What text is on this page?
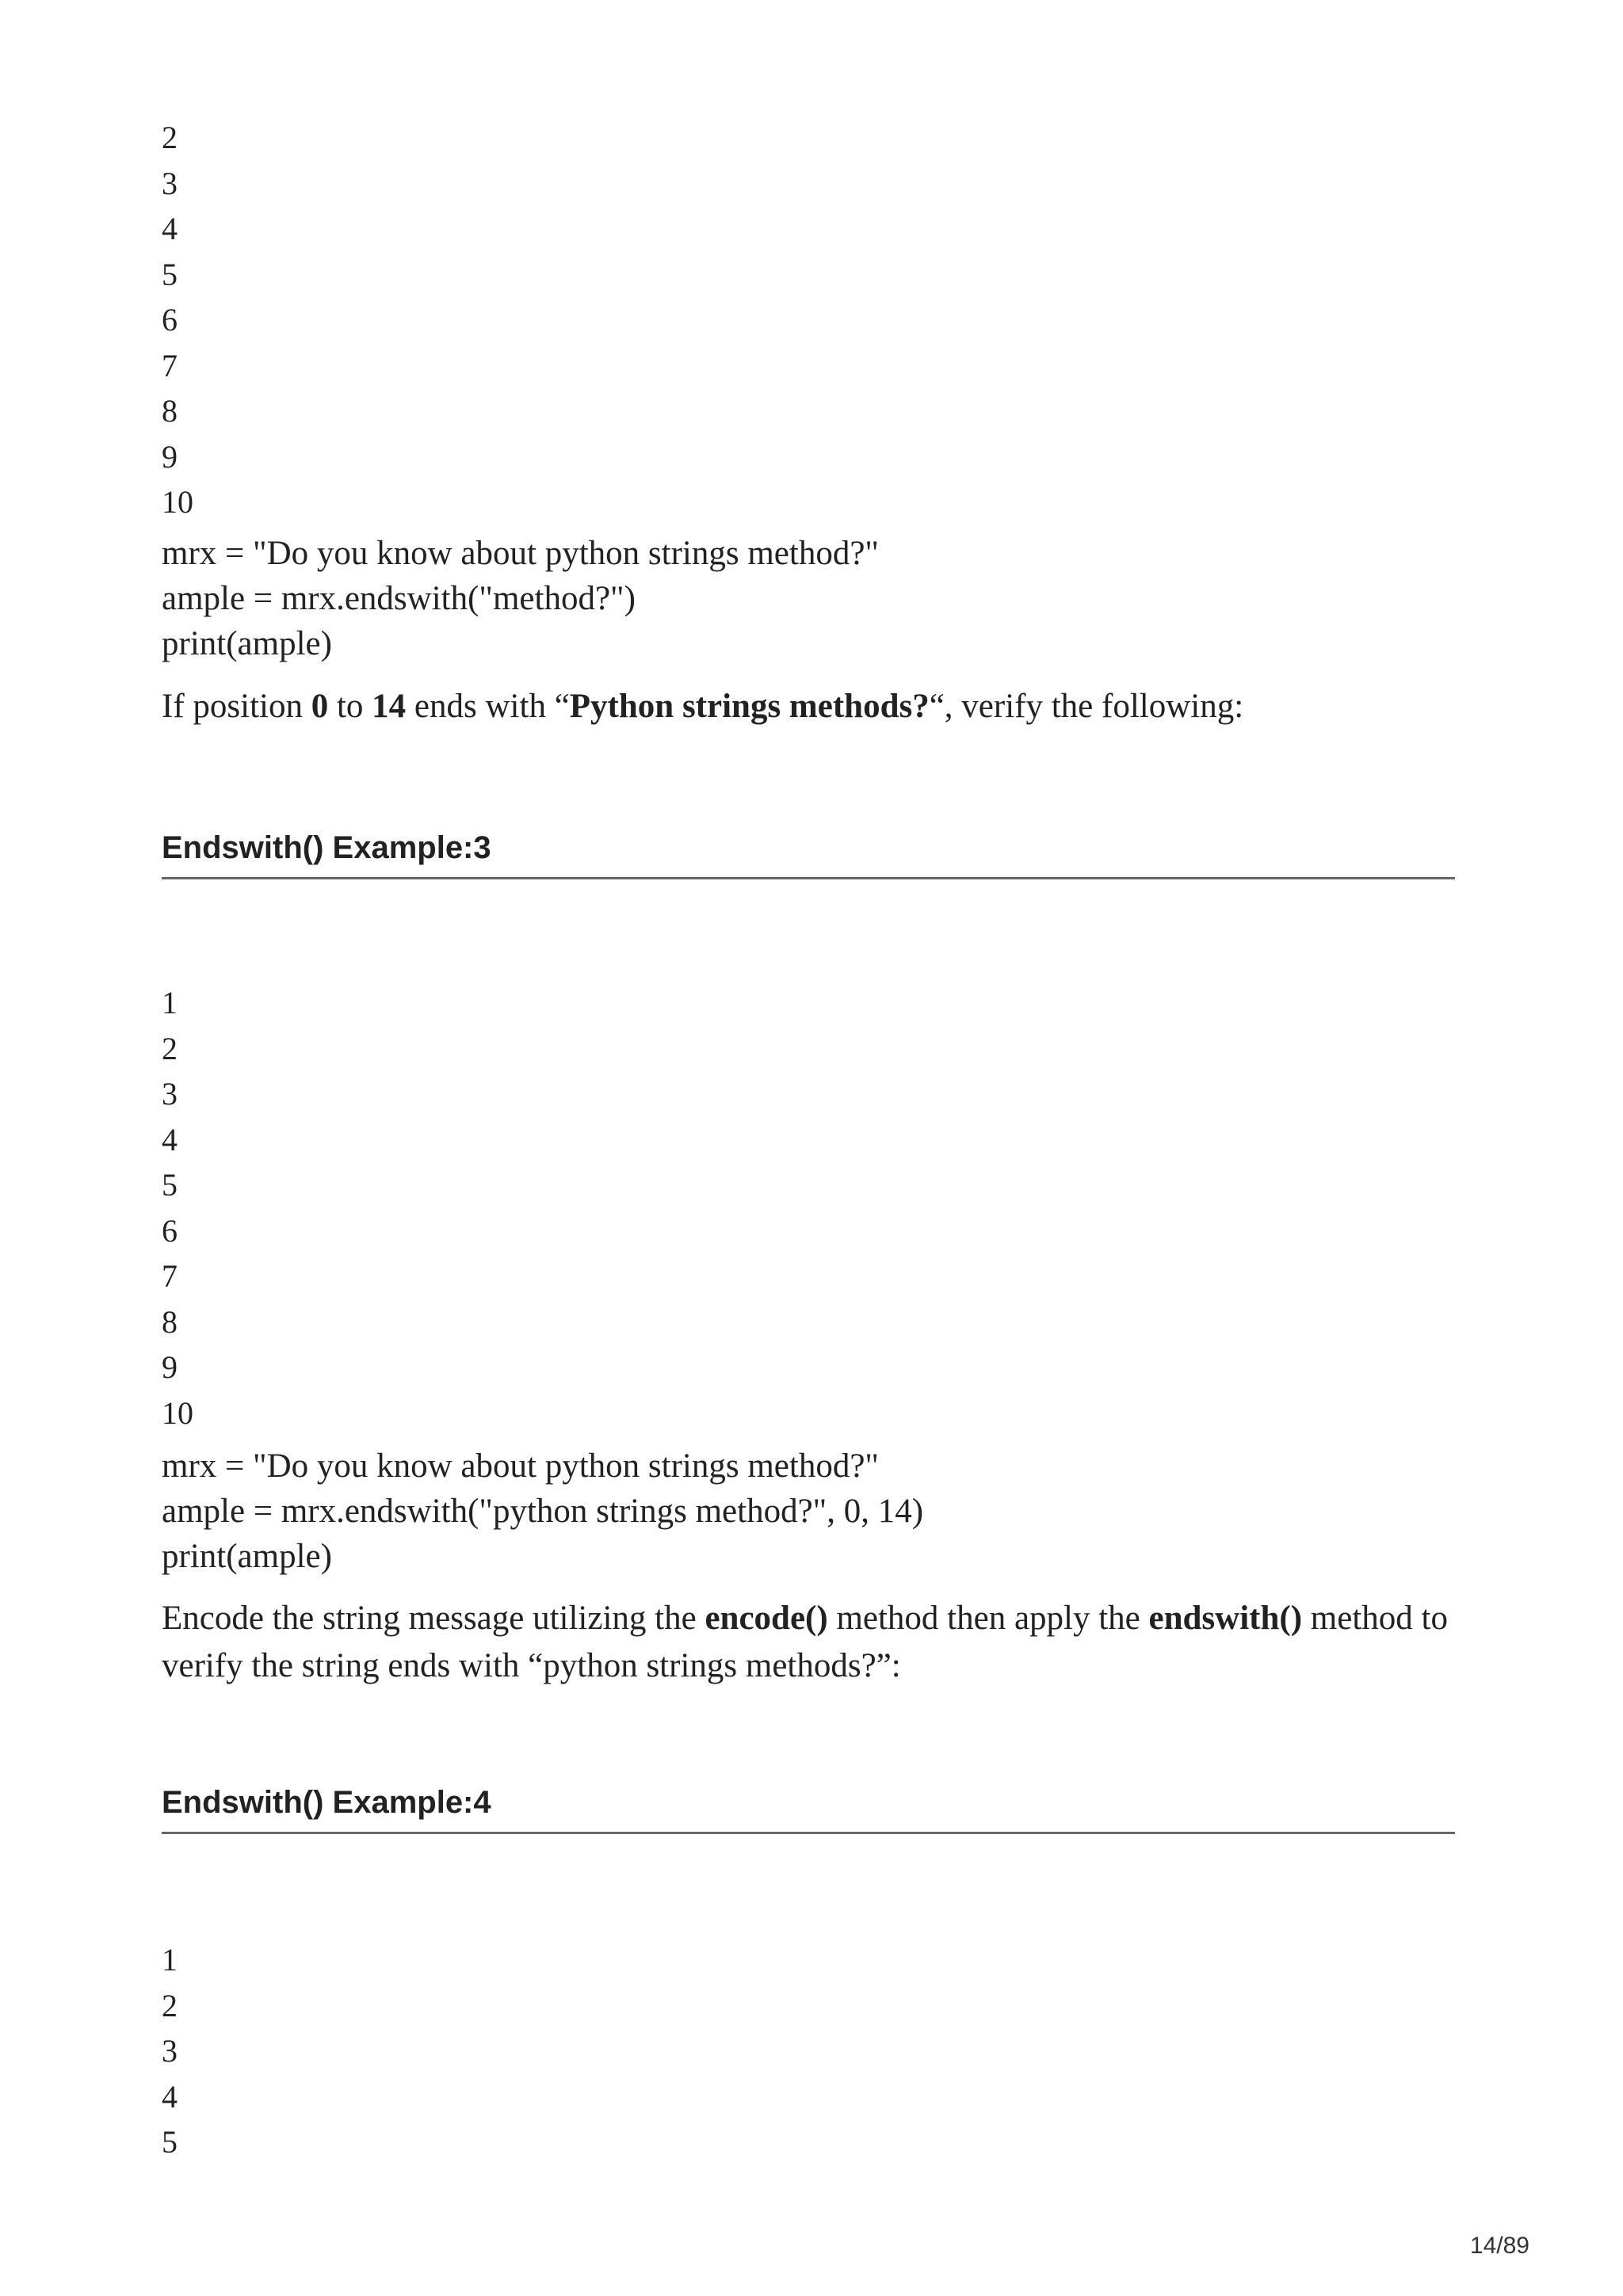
2
3
4
5
6
7
8
9
10
mrx = "Do you know about python strings method?"
ample = mrx.endswith("method?")
print(ample)

If position 0 to 14 ends with “Python strings methods?“, verify the following:

Endswith() Example:3
1
2
3
4
5
6
7
8
9
10
mrx = "Do you know about python strings method?"
ample = mrx.endswith("python strings method?", 0, 14)
print(ample)

Encode the string message utilizing the encode() method then apply the endswith() method to verify the string ends with “python strings methods?”:

Endswith() Example:4
1
2
3
4
5
14/89
